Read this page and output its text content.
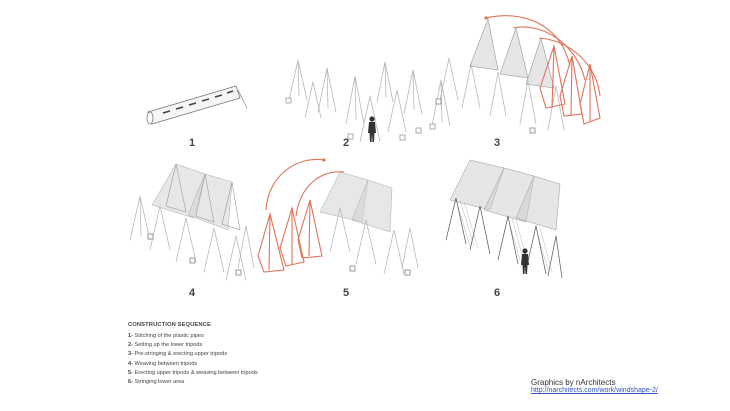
1	2	3
4	5	6
CONSTRUCTION SEQUENCE
1- Stitching of the plastic pipes
2- Setting up the lower tripods
3- Pre-stringing & erecting upper tripods
4- Weaving between tripods
5- Erecting upper tripods & weaving between tripods
6- Stringing lower area	Graphics by nArchitects
http://narchitects.com/work/windshape-2/
